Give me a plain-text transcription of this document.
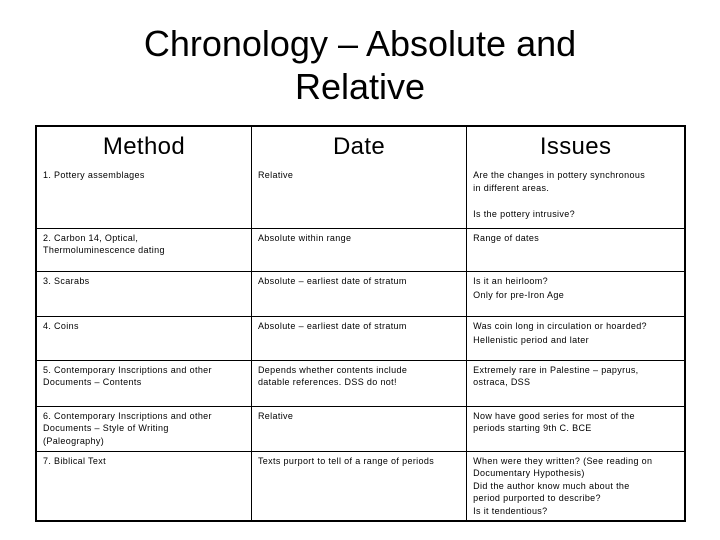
Chronology – Absolute and
Relative
Method	Date	Issues

1. Pottery assemblages	Relative	Are the changes in pottery synchronous
in different areas.
Is the pottery intrusive?

2. Carbon 14, Optical,
Thermoluminescence dating	Absolute within range	Range of dates

3. Scarabs	Absolute – earliest date of stratum	Is it an heirloom?
Only for pre-Iron Age

4. Coins	Absolute – earliest date of stratum	Was coin long in circulation or hoarded?
Hellenistic period and later

5. Contemporary Inscriptions and other
Documents – Contents	Depends whether contents include
datable references. DSS do not!	Extremely rare in Palestine – papyrus,
ostraca, DSS

6. Contemporary Inscriptions and other
Documents – Style of Writing
(Paleography)	Relative	Now have good series for most of the
periods starting 9th C. BCE

7. Biblical Text	Texts purport to tell of a range of periods	When were they written? (See reading on
Documentary Hypothesis)
Did the author know much about the
period purported to describe?
Is it tendentious?
